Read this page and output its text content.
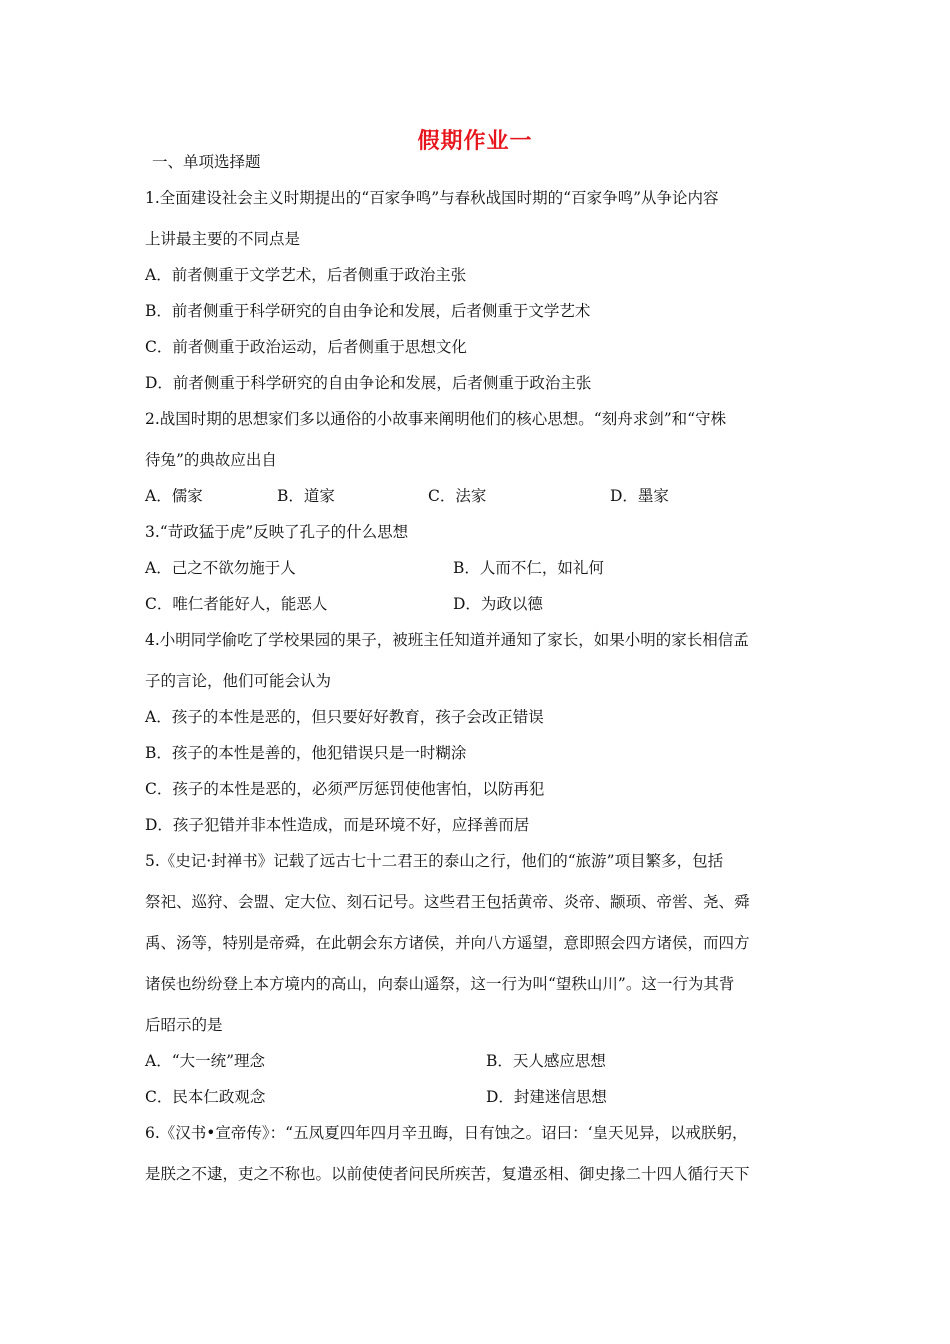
假期作业一
一、单项选择题
1.全面建设社会主义时期提出的“百家争鸣”与春秋战国时期的“百家争鸣”从争论内容
上讲最主要的不同点是
A．前者侧重于文学艺术，后者侧重于政治主张
B．前者侧重于科学研究的自由争论和发展，后者侧重于文学艺术
C．前者侧重于政治运动，后者侧重于思想文化
D．前者侧重于科学研究的自由争论和发展，后者侧重于政治主张
2.战国时期的思想家们多以通俗的小故事来阐明他们的核心思想。“刻舟求剑”和“守株
待兔”的典故应出自
A．儒家	B．道家	C．法家	D．墨家
3.“苛政猛于虎”反映了孔子的什么思想
A．己之不欲勿施于人	B．人而不仁，如礼何
C．唯仁者能好人，能恶人	D．为政以德
4.小明同学偷吃了学校果园的果子，被班主任知道并通知了家长，如果小明的家长相信孟
子的言论，他们可能会认为
A．孩子的本性是恶的，但只要好好教育，孩子会改正错误
B．孩子的本性是善的，他犯错误只是一时糊涂
C．孩子的本性是恶的，必须严厉惩罚使他害怕，以防再犯
D．孩子犯错并非本性造成，而是环境不好，应择善而居
5.《史记·封禅书》记载了远古七十二君王的泰山之行，他们的“旅游”项目繁多，包括
祭祀、巡狩、会盟、定大位、刻石记号。这些君王包括黄帝、炎帝、颛顼、帝喾、尧、舜
禹、汤等，特别是帝舜，在此朝会东方诸侯，并向八方遥望，意即照会四方诸侯，而四方
诸侯也纷纷登上本方境内的高山，向泰山遥祭，这一行为叫“望秩山川”。这一行为其背
后昭示的是
A．“大一统”理念	B．天人感应思想
C．民本仁政观念	D．封建迷信思想
6.《汉书•宣帝传》：“五凤夏四年四月辛丑晦，日有蚀之。诏曰：‘皇天见异，以戒朕躬，
是朕之不逮，吏之不称也。以前使使者问民所疾苦，复遣丞相、御史掾二十四人循行天下
